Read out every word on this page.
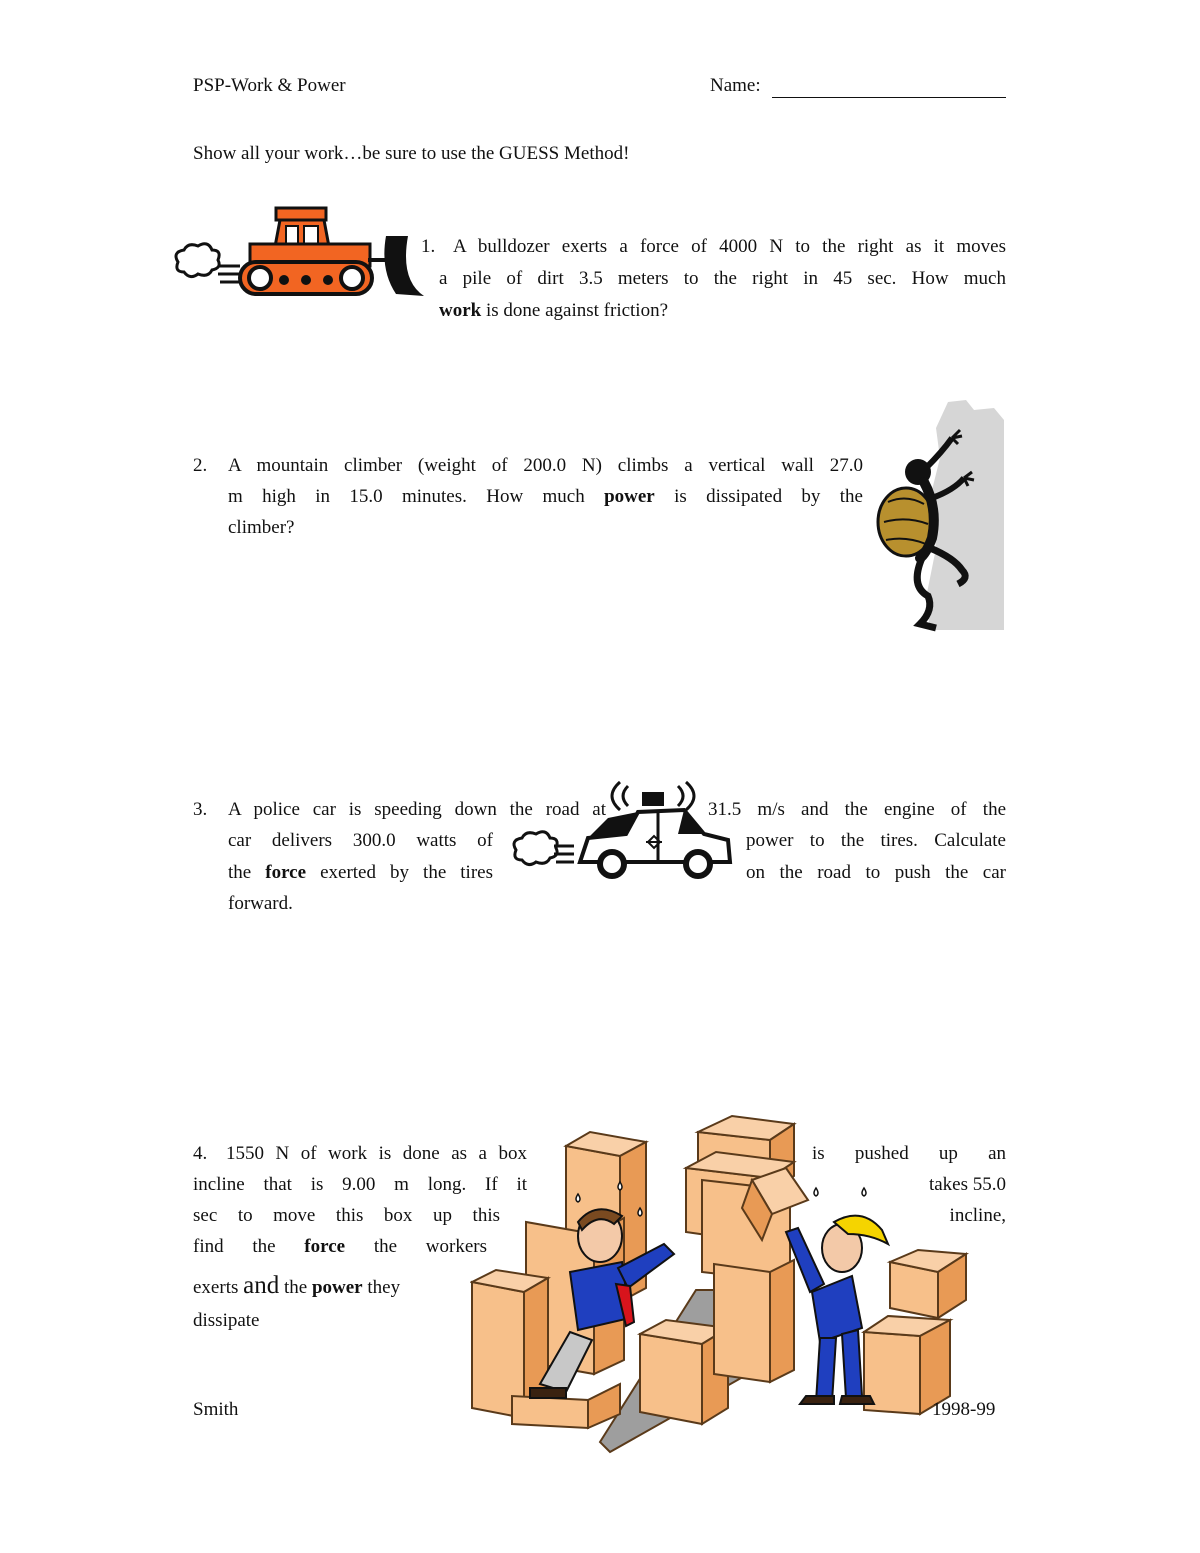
PSP-Work & Power	Name:
Show all your work…be sure to use the GUESS Method!
1. A bulldozer exerts a force of 4000 N to the right as it moves
a pile of dirt 3.5 meters to the right in 45 sec. How much
work is done against friction?
2. A mountain climber (weight of 200.0 N) climbs a vertical wall 27.0
m high in 15.0 minutes. How much power is dissipated by the
climber?
3. A police car is speeding down the road at	31.5 m/s and the engine of the
car delivers 300.0 watts of	power to the tires. Calculate
the force exerted by the tires	on the road to push the car
forward.
4. 1550 N of work is done as a box	is pushed up an
incline that is 9.00 m long. If it	takes 55.0
sec to move this box up this	incline,
find the force the workers
exerts and the power they
dissipate
Smith	1998-99
